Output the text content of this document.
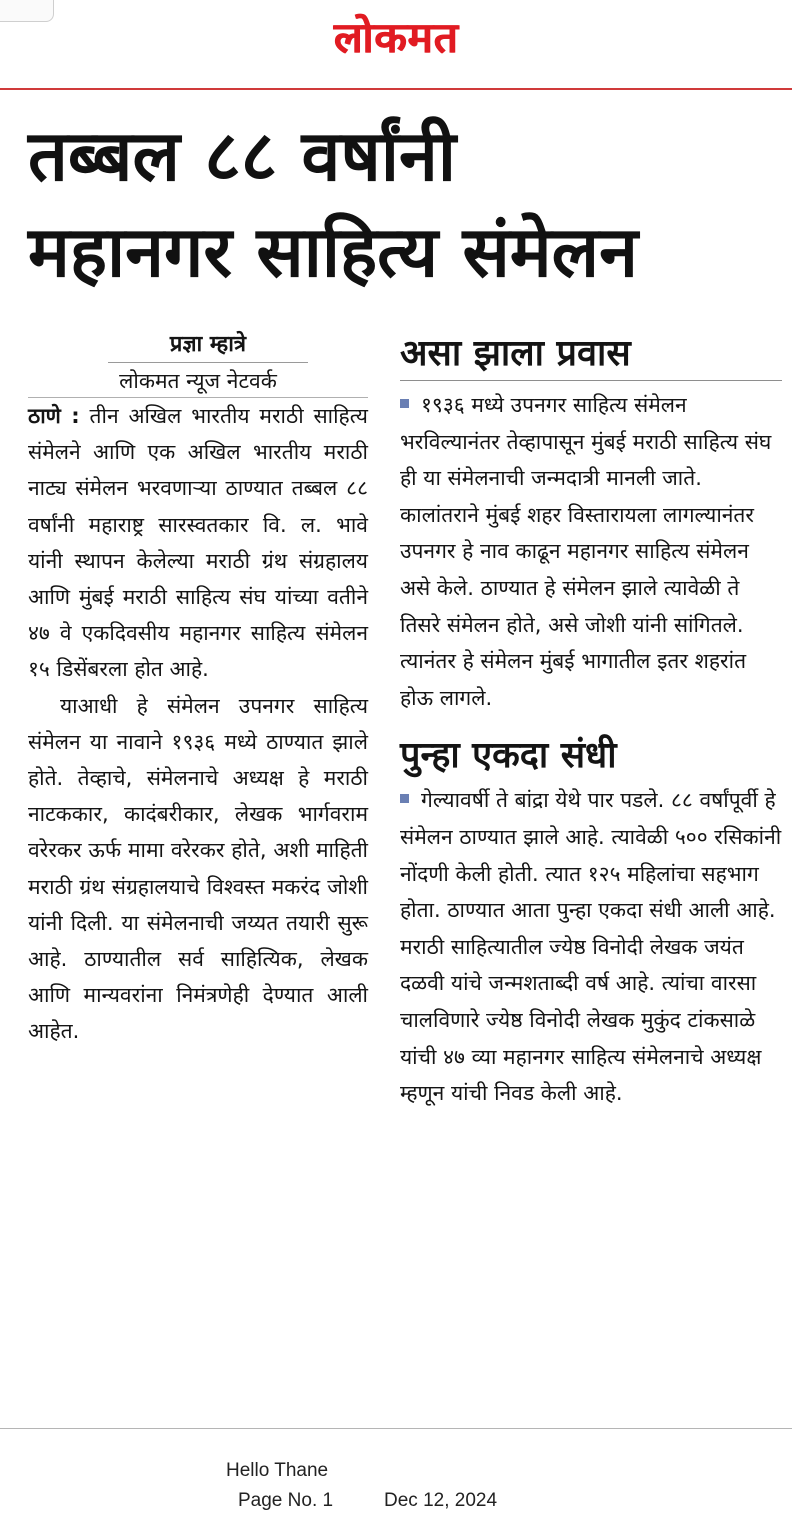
लोकमत
तब्बल ८८ वर्षांनी
महानगर साहित्य संमेलन
प्रज्ञा म्हात्रे
लोकमत न्यूज नेटवर्क

ठाणे : तीन अखिल भारतीय मराठी साहित्य संमेलने आणि एक अखिल भारतीय मराठी नाट्य संमेलन भरवणाऱ्या ठाण्यात तब्बल ८८ वर्षांनी महाराष्ट्र सारस्वतकार वि. ल. भावे यांनी स्थापन केलेल्या मराठी ग्रंथ संग्रहालय आणि मुंबई मराठी साहित्य संघ यांच्या वतीने ४७ वे एकदिवसीय महानगर साहित्य संमेलन १५ डिसेंबरला होत आहे.

याआधी हे संमेलन उपनगर साहित्य संमेलन या नावाने १९३६ मध्ये ठाण्यात झाले होते. तेव्हाचे, संमेलनाचे अध्यक्ष हे मराठी नाटककार, कादंबरीकार, लेखक भार्गवराम वरेरकर ऊर्फ मामा वरेरकर होते, अशी माहिती मराठी ग्रंथ संग्रहालयाचे विश्वस्त मकरंद जोशी यांनी दिली. या संमेलनाची जय्यत तयारी सुरू आहे. ठाण्यातील सर्व साहित्यिक, लेखक आणि मान्यवरांना निमंत्रणेही देण्यात आली आहेत.

असा झाला प्रवास

१९३६ मध्ये उपनगर साहित्य संमेलन भरविल्यानंतर तेव्हापासून मुंबई मराठी साहित्य संघ ही या संमेलनाची जन्मदात्री मानली जाते. कालांतराने मुंबई शहर विस्तारायला लागल्यानंतर उपनगर हे नाव काढून महानगर साहित्य संमेलन असे केले. ठाण्यात हे संमेलन झाले त्यावेळी ते तिसरे संमेलन होते, असे जोशी यांनी सांगितले. त्यानंतर हे संमेलन मुंबई भागातील इतर शहरांत होऊ लागले.

पुन्हा एकदा संधी

गेल्यावर्षी ते बांद्रा येथे पार पडले. ८८ वर्षांपूर्वी हे संमेलन ठाण्यात झाले आहे. त्यावेळी ५०० रसिकांनी नोंदणी केली होती. त्यात १२५ महिलांचा सहभाग होता. ठाण्यात आता पुन्हा एकदा संधी आली आहे. मराठी साहित्यातील ज्येष्ठ विनोदी लेखक जयंत दळवी यांचे जन्मशताब्दी वर्ष आहे. त्यांचा वारसा चालविणारे ज्येष्ठ विनोदी लेखक मुकुंद टांकसाळे यांची ४७ व्या महानगर साहित्य संमेलनाचे अध्यक्ष म्हणून यांची निवड केली आहे.

Hello Thane
Page No. 1	Dec 12, 2024
